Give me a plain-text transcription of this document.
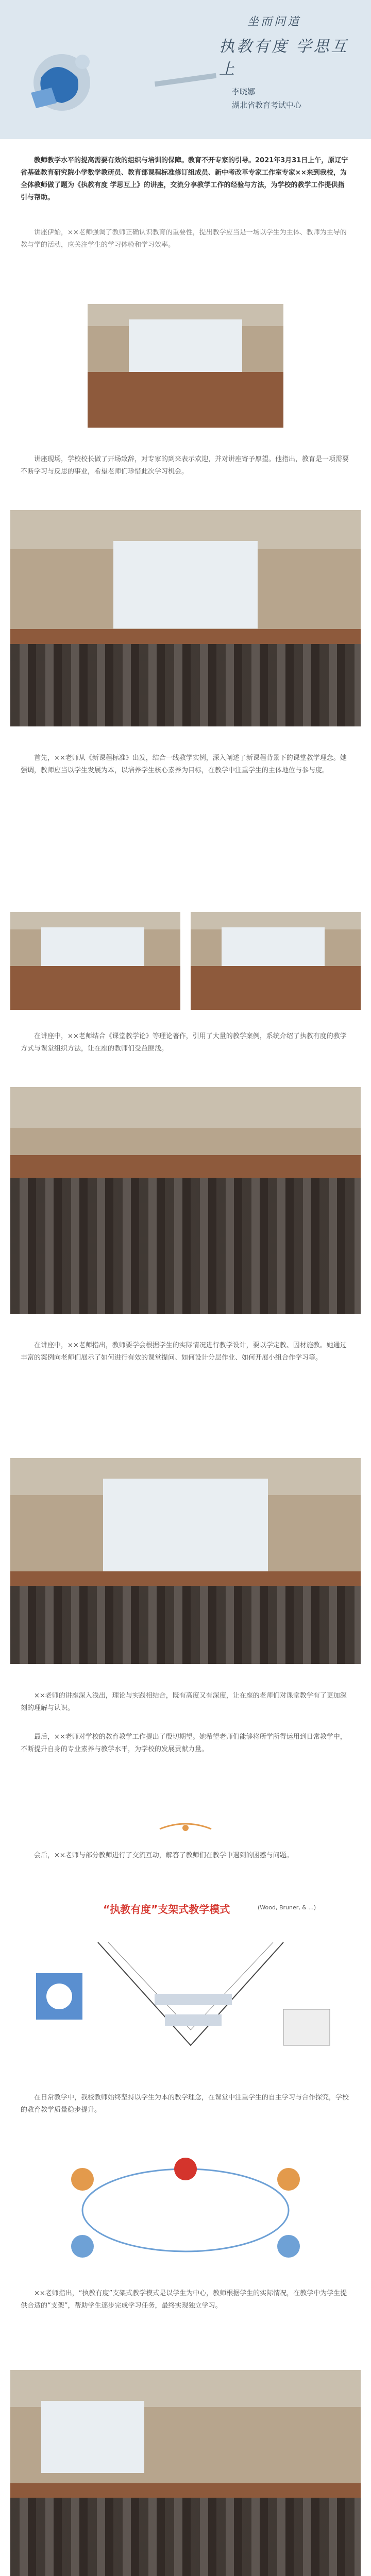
坐而问道
执教有度 学思互上
李晓娜
湖北省教育考试中心

教师教学水平的提高需要有效的组织与培训的保障。教育不开专家的引导。2021年3月31日上午，原辽宁省基础教育研究院小学数学教研员、教育部课程标准修订组成员、新中考改革专家工作室专家××来到我校，为全体教师做了题为《执教有度 学思互上》的讲座，交流分享教学工作的经验与方法，为学校的教学工作提供指引与帮助。

讲座伊始，××老师强调了教师正确认识教育的重要性，提出教学应当是一场以学生为主体、教师为主导的教与学的活动，应关注学生的学习体验和学习效率。

讲座现场，学校校长做了开场致辞，对专家的到来表示欢迎，并对讲座寄予厚望。他指出，教育是一项需要不断学习与反思的事业，希望老师们珍惜此次学习机会。

首先，××老师从《新课程标准》出发，结合一线教学实例，深入阐述了新课程背景下的课堂教学理念。她强调，教师应当以学生发展为本，以培养学生核心素养为目标，在教学中注重学生的主体地位与参与度。

在讲座中，××老师结合《课堂教学论》等理论著作，引用了大量的教学案例，系统介绍了执教有度的教学方式与课堂组织方法，让在座的教师们受益匪浅。

在讲座中，××老师指出，教师要学会根据学生的实际情况进行教学设计，要以学定教、因材施教。她通过丰富的案例向老师们展示了如何进行有效的课堂提问、如何设计分层作业、如何开展小组合作学习等。

××老师的讲座深入浅出，理论与实践相结合，既有高度又有深度，让在座的老师们对课堂教学有了更加深刻的理解与认识。

最后，××老师对学校的教育教学工作提出了殷切期望。她希望老师们能够将所学所得运用到日常教学中，不断提升自身的专业素养与教学水平，为学校的发展贡献力量。

会后，××老师与部分教师进行了交流互动，解答了教师们在教学中遇到的困惑与问题。

“执教有度”支架式教学模式	(Wood, Bruner, & ...)

在日常教学中，我校教师始终坚持以学生为本的教学理念，在课堂中注重学生的自主学习与合作探究，学校的教育教学质量稳步提升。

××老师指出，“执教有度”支架式教学模式是以学生为中心，教师根据学生的实际情况，在教学中为学生提供合适的“支架”，帮助学生逐步完成学习任务，最终实现独立学习。
